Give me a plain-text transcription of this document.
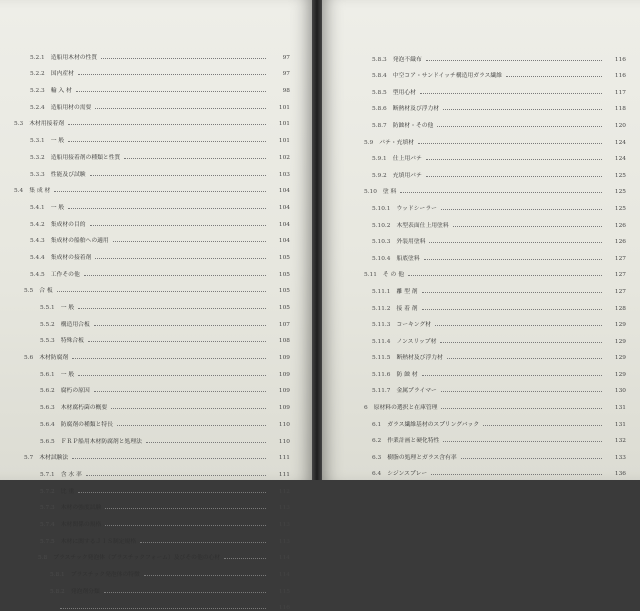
5.2.1 造船用木材の性質	97
5.2.2 国内産材	97
5.2.3 輸 入 材	98
5.2.4 造船用材の需要	101
5.3 木材用接着剤	101
5.3.1 一 般	101
5.3.2 造船用接着剤の種類と性質	102
5.3.3 性能及び試験	103
5.4 集 成 材	104
5.4.1 一 般	104
5.4.2 集成材の目的	104
5.4.3 集成材の船舶への適用	104
5.4.4 集成材の接着剤	105
5.4.5 工作その他	105
5.5 合 板	105
5.5.1 一 般	105
5.5.2 構造用合板	107
5.5.3 特殊合板	108
5.6 木材防腐剤	109
5.6.1 一 般	109
5.6.2 腐朽の原因	109
5.6.3 木材腐朽菌の概要	109
5.6.4 防腐剤の種類と特長	110
5.6.5 ＦＲＰ船用木材防腐剤と処理法	110
5.7 木材試験法	111
5.7.1 含 水 率	111
5.7.2 比 重	112
5.7.3 木材の強度試験	113
5.7.4 木材関係の規格	113
5.7.5 木材に関するＪＩＳ制定規格	113
5.8 プラスチック発泡体（プラスチックフォーム）及びその他の心材	114
5.8.1 プラスチック発泡体の特徴	114
5.8.2 発泡剤分類	115
116
5.8.3 発泡不織布	116
5.8.4 中空コア・サンドイッチ構造用ガラス繊維	116
5.8.5 型用心材	117
5.8.6 断熱材及び浮力材	118
5.8.7 防蝕材・その他	120
5.9 パテ・充填材	124
5.9.1 仕上用パテ	124
5.9.2 充填用パテ	125
5.10 塗 料	125
5.10.1 ウッドシーラー	125
5.10.2 木型表面仕上用塗料	126
5.10.3 外装用塗料	126
5.10.4 船底塗料	127
5.11 そ の 他	127
5.11.1 離 型 剤	127
5.11.2 接 着 剤	128
5.11.3 コーキング材	129
5.11.4 ノンスリップ材	129
5.11.5 断熱材及び浮力材	129
5.11.6 防 蝕 材	129
5.11.7 金属プライマー	130
6 原材料の選択と在庫管理	131
6.1 ガラス繊維基材のスプリングバック	131
6.2 作業計画と硬化特性	132
6.3 樹脂の処理とガラス含有率	133
6.4 シジンスプレー	136
